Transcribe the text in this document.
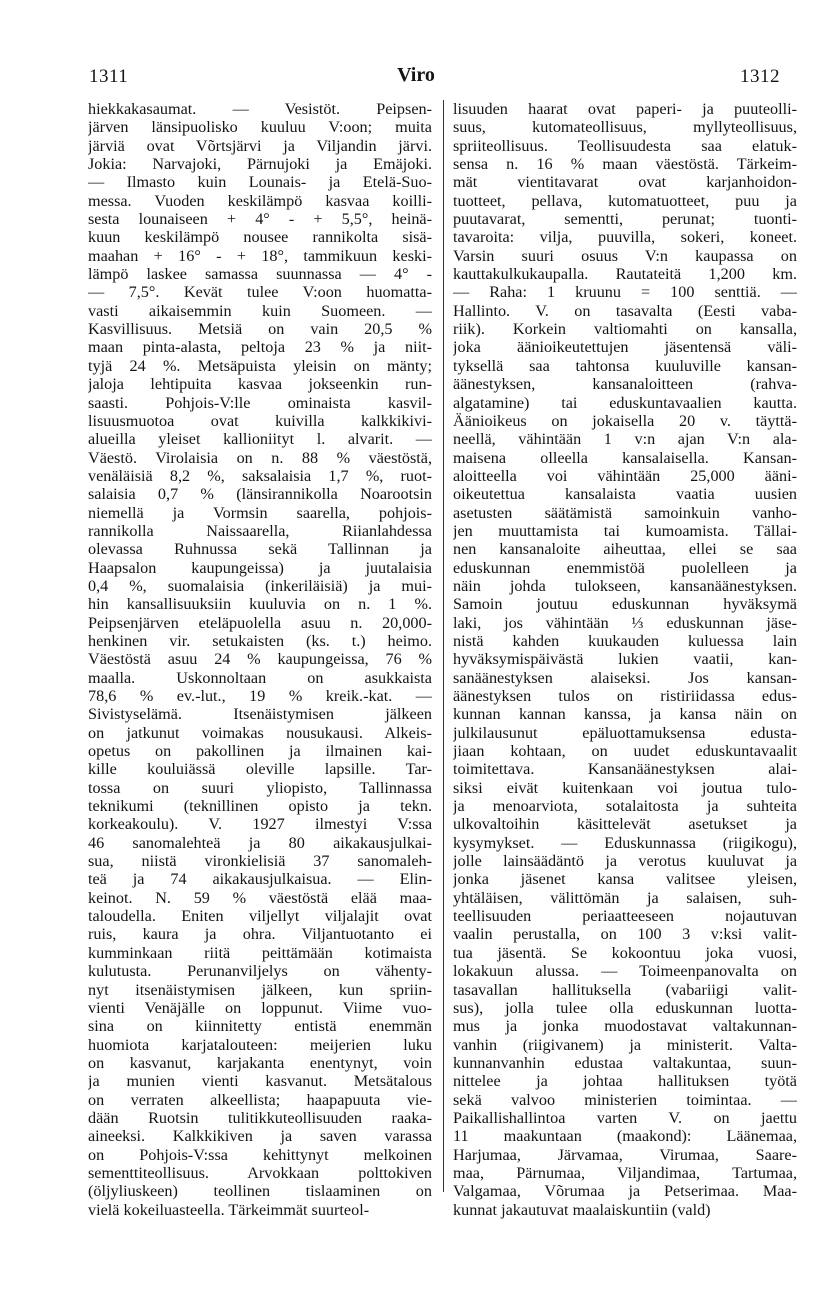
1311	Viro	1312
hiekkakasaumat. — Vesistöt. Peipsen-
järven länsipuolisko kuuluu V:oon; muita
järviä ovat Võrtsjärvi ja Viljandin järvi.
Jokia: Narvajoki, Pärnujoki ja Emäjoki.
— Ilmasto kuin Lounais- ja Etelä-Suo-
messa. Vuoden keskilämpö kasvaa koilli-
sesta lounaiseen + 4° - + 5,5°, heinä-
kuun keskilämpö nousee rannikolta sisä-
maahan + 16° - + 18°, tammikuun keski-
lämpö laskee samassa suunnassa — 4° -
— 7,5°. Kevät tulee V:oon huomatta-
vasti aikaisemmin kuin Suomeen. —
Kasvillisuus. Metsiä on vain 20,5 %
maan pinta-alasta, peltoja 23 % ja niit-
tyjä 24 %. Metsäpuista yleisin on mänty;
jaloja lehtipuita kasvaa jokseenkin run-
saasti. Pohjois-V:lle ominaista kasvil-
lisuusmuotoa ovat kuivilla kalkkikivi-
alueilla yleiset kallioniityt l. alvarit. —
Väestö. Virolaisia on n. 88 % väestöstä,
venäläisiä 8,2 %, saksalaisia 1,7 %, ruot-
salaisia 0,7 % (länsirannikolla Noarootsin
niemellä ja Vormsin saarella, pohjois-
rannikolla Naissaarella, Riianlahdessa
olevassa Ruhnussa sekä Tallinnan ja
Haapsalon kaupungeissa) ja juutalaisia
0,4 %, suomalaisia (inkeriläisiä) ja mui-
hin kansallisuuksiin kuuluvia on n. 1 %.
Peipsenjärven eteläpuolella asuu n. 20,000-
henkinen vir. setukaisten (ks. t.) heimo.
Väestöstä asuu 24 % kaupungeissa, 76 %
maalla. Uskonnoltaan on asukkaista
78,6 % ev.-lut., 19 % kreik.-kat. —
Sivistyselämä. Itsenäistymisen jälkeen
on jatkunut voimakas nousukausi. Alkeis-
opetus on pakollinen ja ilmainen kai-
kille kouluiässä oleville lapsille. Tar-
tossa on suuri yliopisto, Tallinnassa
teknikumi (teknillinen opisto ja tekn.
korkeakoulu). V. 1927 ilmestyi V:ssa
46 sanomalehteä ja 80 aikakausjulkai-
sua, niistä vironkielisiä 37 sanomaleh-
teä ja 74 aikakausjulkaisua. — Elin-
keinot. N. 59 % väestöstä elää maa-
taloudella. Eniten viljellyt viljalajit ovat
ruis, kaura ja ohra. Viljantuotanto ei
kumminkaan riitä peittämään kotimaista
kulutusta. Perunanviljelys on vähenty-
nyt itsenäistymisen jälkeen, kun spriin-
vienti Venäjälle on loppunut. Viime vuo-
sina on kiinnitetty entistä enemmän
huomiota karjatalouteen: meijerien luku
on kasvanut, karjakanta enentynyt, voin
ja munien vienti kasvanut. Metsätalous
on verraten alkeellista; haapapuuta vie-
dään Ruotsin tulitikkuteollisuuden raaka-
aineeksi. Kalkkikiven ja saven varassa
on Pohjois-V:ssa kehittynyt melkoinen
sementtiteollisuus. Arvokkaan polttokiven
(öljyliuskeen) teollinen tislaaminen on
vielä kokeiluasteella. Tärkeimmät suurteol-
lisuuden haarat ovat paperi- ja puuteolli-
suus, kutomateollisuus, myllyteollisuus,
spriiteollisuus. Teollisuudesta saa elatuk-
sensa n. 16 % maan väestöstä. Tärkeim-
mät vientitavarat ovat karjanhoidon-
tuotteet, pellava, kutomatuotteet, puu ja
puutavarat, sementti, perunat; tuonti-
tavaroita: vilja, puuvilla, sokeri, koneet.
Varsin suuri osuus V:n kaupassa on
kauttakulkukaupalla. Rautateitä 1,200 km.
— Raha: 1 kruunu = 100 senttiä. —
Hallinto. V. on tasavalta (Eesti vaba-
riik). Korkein valtiomahti on kansalla,
joka äänioikeutettujen jäsentensä väli-
tyksellä saa tahtonsa kuuluville kansan-
äänestyksen, kansanaloitteen (rahva-
algatamine) tai eduskuntavaalien kautta.
Äänioikeus on jokaisella 20 v. täyttä-
neellä, vähintään 1 v:n ajan V:n ala-
maisena olleella kansalaisella. Kansan-
aloitteella voi vähintään 25,000 ääni-
oikeutettua kansalaista vaatia uusien
asetusten säätämistä samoinkuin vanho-
jen muuttamista tai kumoamista. Tällai-
nen kansanaloite aiheuttaa, ellei se saa
eduskunnan enemmistöä puolelleen ja
näin johda tulokseen, kansanäänestyksen.
Samoin joutuu eduskunnan hyväksymä
laki, jos vähintään ⅓ eduskunnan jäse-
nistä kahden kuukauden kuluessa lain
hyväksymispäivästä lukien vaatii, kan-
sanäänestyksen alaiseksi. Jos kansan-
äänestyksen tulos on ristiriidassa edus-
kunnan kannan kanssa, ja kansa näin on
julkilausunut epäluottamuksensa edusta-
jiaan kohtaan, on uudet eduskuntavaalit
toimitettava. Kansanäänestyksen alai-
siksi eivät kuitenkaan voi joutua tulo-
ja menoarviota, sotalaitosta ja suhteita
ulkovaltoihin käsittelevät asetukset ja
kysymykset. — Eduskunnassa (riigikogu),
jolle lainsäädäntö ja verotus kuuluvat ja
jonka jäsenet kansa valitsee yleisen,
yhtäläisen, välittömän ja salaisen, suh-
teellisuuden periaatteeseen nojautuvan
vaalin perustalla, on 100 3 v:ksi valit-
tua jäsentä. Se kokoontuu joka vuosi,
lokakuun alussa. — Toimeenpanovalta on
tasavallan hallituksella (vabariigi valit-
sus), jolla tulee olla eduskunnan luotta-
mus ja jonka muodostavat valtakunnan-
vanhin (riigivanem) ja ministerit. Valta-
kunnanvanhin edustaa valtakuntaa, suun-
nittelee ja johtaa hallituksen työtä
sekä valvoo ministerien toimintaa. —
Paikallishallintoa varten V. on jaettu
11 maakuntaan (maakond): Läänemaa,
Harjumaa, Järvamaa, Virumaa, Saare-
maa, Pärnumaa, Viljandimaa, Tartumaa,
Valgamaa, Võrumaa ja Petserimaa. Maa-
kunnat jakautuvat maalaiskuntiin (vald)
